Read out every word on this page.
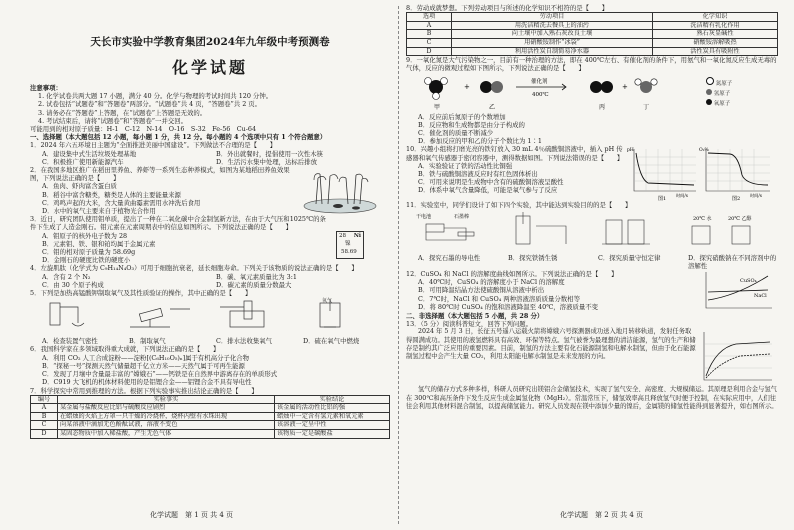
天长市实验中学教育集团2024年九年级中考预测卷
化学试题
注意事项：
1. 化学试卷共两大题 17 小题，满分 40 分。化学与物理的考试时间共 120 分钟。
2. 试卷包括“试题卷”和“答题卷”两部分。“试题卷”共 4 页，“答题卷”共 2 页。
3. 请务必在“答题卷”上答题，在“试题卷”上答题是无效的。
4. 考试结束后，请将“试题卷”和“答题卷”一并交回。
可能用到的相对原子质量：H-1　C-12　N-14　O-16　S-32　Fe-56　Cu-64
一、选择题（本大题包括 12 小题，每小题 1 分，共 12 分。每小题的 4 个选项中只有 1 个符合题意）
1．2024 年六五环境日主题为“全面推进美丽中国建设”。下列做法不合理的是【　　】
A．建设集中式生活垃圾处理基地	B．外出就餐时，提倡使用一次性木筷
C．积极推广使用新能源汽车	D．生活污水集中处理，达标后排放
2．在我国多地区推广在稻田里养鱼、养虾等一系列生态种养模式，如图为某地稻田养鱼效果图，下列说法正确的是【　　】
A．鱼肉、虾肉富含蛋白质
B．稻谷中富含糖类，糖类是人体的主要能量来源
C．鸡鸣声起的大米，含大量黄曲霉素需用水冲洗后食用
D．水中的氧气主要来自于植物光合作用
3．近日，研究团队使用钼单质，提出了一种在二氧化碳中合金制氢新方法，在由于大气压和1025℃的条件下生成了人造金刚石。钼元素在元素周期表中的信息如图所示。下列说法正确的是【　　】
A．钼原子的核外电子数为 28
B．元素钼、铁、银和铂均属于金属元素
C．钼的相对原子质量为 58.69g
D．金刚石的硬度比铁的硬度小
28 Ni
镍
58.69
4．左旋肌肽（化学式为 C₉H₁₄N₄O₃）可用于细胞抗衰老，延长细胞寿命。下列关于该物质的说法正确的是【　　】
A．含有 2 个 N₂	B．碳、氧元素质量比为 3:1
C．由 30 个原子构成	D．碳元素的质量分数最大
5．下列是加热高锰酸钾制取氧气及其性质验证的操作，其中正确的是【　　】
氧气
A．检查装置气密性	B．制取氧气	C．排水法收集氧气	D．硫在氧气中燃烧
6．我国科学家在多领域取得重大成就，下列说法正确的是【　　】
A．利用 CO₂ 人工合成淀粉——淀粉[(C₆H₁₀O₅)ₙ]属于有机高分子化合物
B．“探秘一号”探测天然气储量超千亿立方米——天然气属于可再生能源
C．发现了月壤中含量最丰富的“嫦娥石”——钙铁是在自然界中游离存在的单质形式
D．C919 大飞机的机体材料使用的是铝锂合金——铝锂合金不具有导电性
7．科学探究中常用到推理的方法。根据下列实验事实推出结论正确的是【　　】
编号	实验事实	实验结论
A	某金属与盐酸反应比铝与硫酸反应剧烈	该金属的活动性比铝的强
B	在蜡烛的火焰上方罩一只干燥的冷烧杯，烧杯内壁有水珠出现	蜡烛中一定含有氢元素和氧元素
C	向某溶液中滴加无色酚酞试液，溶液不变色	该溶液一定呈中性
D	某固态物质中加入稀盐酸，产生无色气体	该物质一定是碳酸盐
8．劳动成就梦想。下列劳动项目与所述的化学知识不相符的是【　　】
选项	劳动项目	化学知识
A	用洗洁精洗去餐具上的油污	洗洁精有乳化作用
B	向土壤中加入熟石灰改良土壤	熟石灰显碱性
C	用硝酸铵制作“冰袋”	硝酸铵溶解吸热
D	利用活性炭自制简易净水器	活性炭具有吸附性
9．一氧化氮是大气污染物之一，目前有一种治理的方法，即在 400℃左右、有催化剂的条件下，用氨气和一氧化氮反应生成无毒的气体，反应的微观过程如下图所示，下列说法正确的是【　　】
+
催化剂
400℃
+
甲	乙	丙	丁
氮原子
氢原子
氧原子
A．反应前后氮原子的个数增加
B．反应物和生成物都是由分子构成的
C．催化剂的质量不断减少
D．参加反应的甲和乙的分子个数比为 1∶1
10．兴趣小组将打磨光亮的铁钉放入 30 mL 4％硫酸铜溶液中，插入 pH 传感器和氧气传感器于密闭容器中，测得数据如图。下列说法错误的是【　　】
A．实验验证了铁的活动性比铜强
B．铁与硫酸铜溶液反应时有红色固体析出
C．可用来说明是生成物中含有的硫酸铜溶液呈酸性
D．体系中氧气含量降低，可能是氧气参与了反应
pH	O₂%
时间/s	时间/s
图1	图2
11．实验室中，同学们设计了如下四个实验，其中能达到实验目的的是【　　】
干电池	石墨棒	20℃ 水	20℃ 乙醇
A．探究石墨的导电性	B．探究铁锈生锈	C．探究质量守恒定律	D．探究硝酸钠在不同溶剂中的溶解性
12．CuSO₄ 和 NaCl 的溶解度曲线如图所示。下列说法正确的是【　　】
A．40℃时，CuSO₄ 的溶解度小于 NaCl 的溶解度
B．可用降温结晶方法使硫酸铜从溶液中析出
C．7℃时，NaCl 和 CuSO₄ 两种溶液溶质质量分数相等
D．将 80℃时 CuSO₄ 的饱和溶液降温至 40℃，溶液质量不变
CuSO₄
NaCl
二、非选择题（本大题包括 5 小题，共 28 分）
13．（5 分）阅读科普短文，回答下列问题。
2024 年 5 月 3 日，长征五号遥八运载火箭将嫦娥六号探测器成功送入地月转移轨道，发射任务取得圆满成功。其使用的液氢燃料具有高效、环保等特点。氢气被誉为最理想的清洁能源，氢气的生产和储存是制约其广泛应用的重要因素。目前，制氢的方法主要有化石能源制氢和电解水制氢，但由于化石能源制氢过程中会产生大量 CO₂，利用太阳能电解水制氢是未来发展的方向。
氢气的储存方式多种多样，科研人员研究出镁铝合金储氢技术，实现了氢气安全、高密度、大规模储运。其原理是利用合金与氢气在 300℃和高压条件下发生反应生成金属氢化物（MgH₂）。常温常压下，储氢效率高且释放氢气时便于控制，在实际应用中，人们往往会利用其他材料混合制氢，以提高储氢能力。研究人员发现在镁中添加少量的镍后，金属镁的储氢性能得到显著提升，如右图所示。
化学试题　第 1 页 共 4 页	化学试题　第 2 页 共 4 页
